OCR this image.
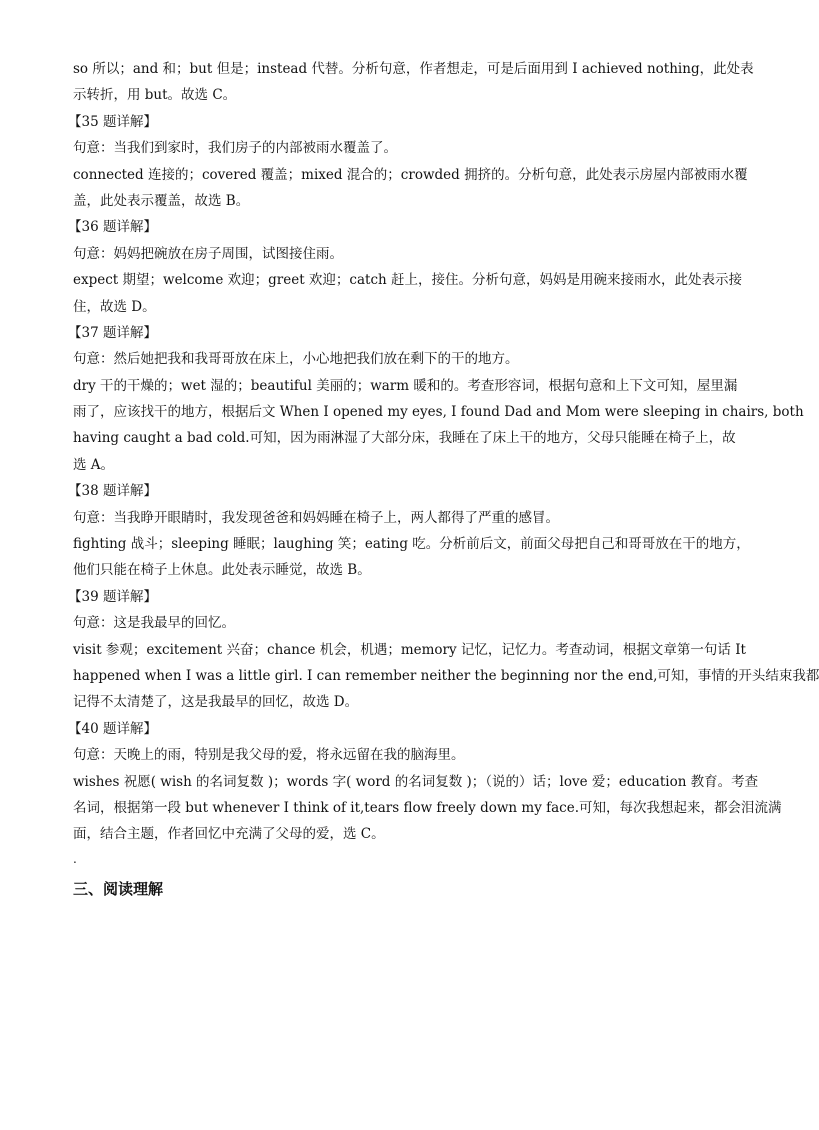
so 所以；and 和；but 但是；instead 代替。分析句意，作者想走，可是后面用到 I achieved nothing，此处表
示转折，用 but。故选 C。
【35 题详解】
句意：当我们到家时，我们房子的内部被雨水覆盖了。
connected 连接的；covered 覆盖；mixed 混合的；crowded 拥挤的。分析句意，此处表示房屋内部被雨水覆
盖，此处表示覆盖，故选 B。
【36 题详解】
句意：妈妈把碗放在房子周围，试图接住雨。
expect 期望；welcome 欢迎；greet 欢迎；catch 赶上，接住。分析句意，妈妈是用碗来接雨水，此处表示接
住，故选 D。
【37 题详解】
句意：然后她把我和我哥哥放在床上，小心地把我们放在剩下的干的地方。
dry 干的干燥的；wet 湿的；beautiful 美丽的；warm 暖和的。考查形容词，根据句意和上下文可知，屋里漏
雨了，应该找干的地方，根据后文 When I opened my eyes, I found Dad and Mom were sleeping in chairs, both
having caught a bad cold.可知，因为雨淋湿了大部分床，我睡在了床上干的地方，父母只能睡在椅子上，故
选 A。
【38 题详解】
句意：当我睁开眼睛时，我发现爸爸和妈妈睡在椅子上，两人都得了严重的感冒。
fighting 战斗；sleeping 睡眠；laughing 笑；eating 吃。分析前后文，前面父母把自己和哥哥放在干的地方，
他们只能在椅子上休息。此处表示睡觉，故选 B。
【39 题详解】
句意：这是我最早的回忆。
visit 参观；excitement 兴奋；chance 机会，机遇；memory 记忆，记忆力。考查动词，根据文章第一句话 It
happened when I was a little girl. I can remember neither the beginning nor the end,可知，事情的开头结束我都
记得不太清楚了，这是我最早的回忆，故选 D。
【40 题详解】
句意：天晚上的雨，特别是我父母的爱，将永远留在我的脑海里。
wishes 祝愿( wish 的名词复数 )；words 字( word 的名词复数 )；（说的）话；love 爱；education 教育。考查
名词，根据第一段 but whenever I think of it,tears flow freely down my face.可知，每次我想起来，都会泪流满
面，结合主题，作者回忆中充满了父母的爱，选 C。
.
三、阅读理解
